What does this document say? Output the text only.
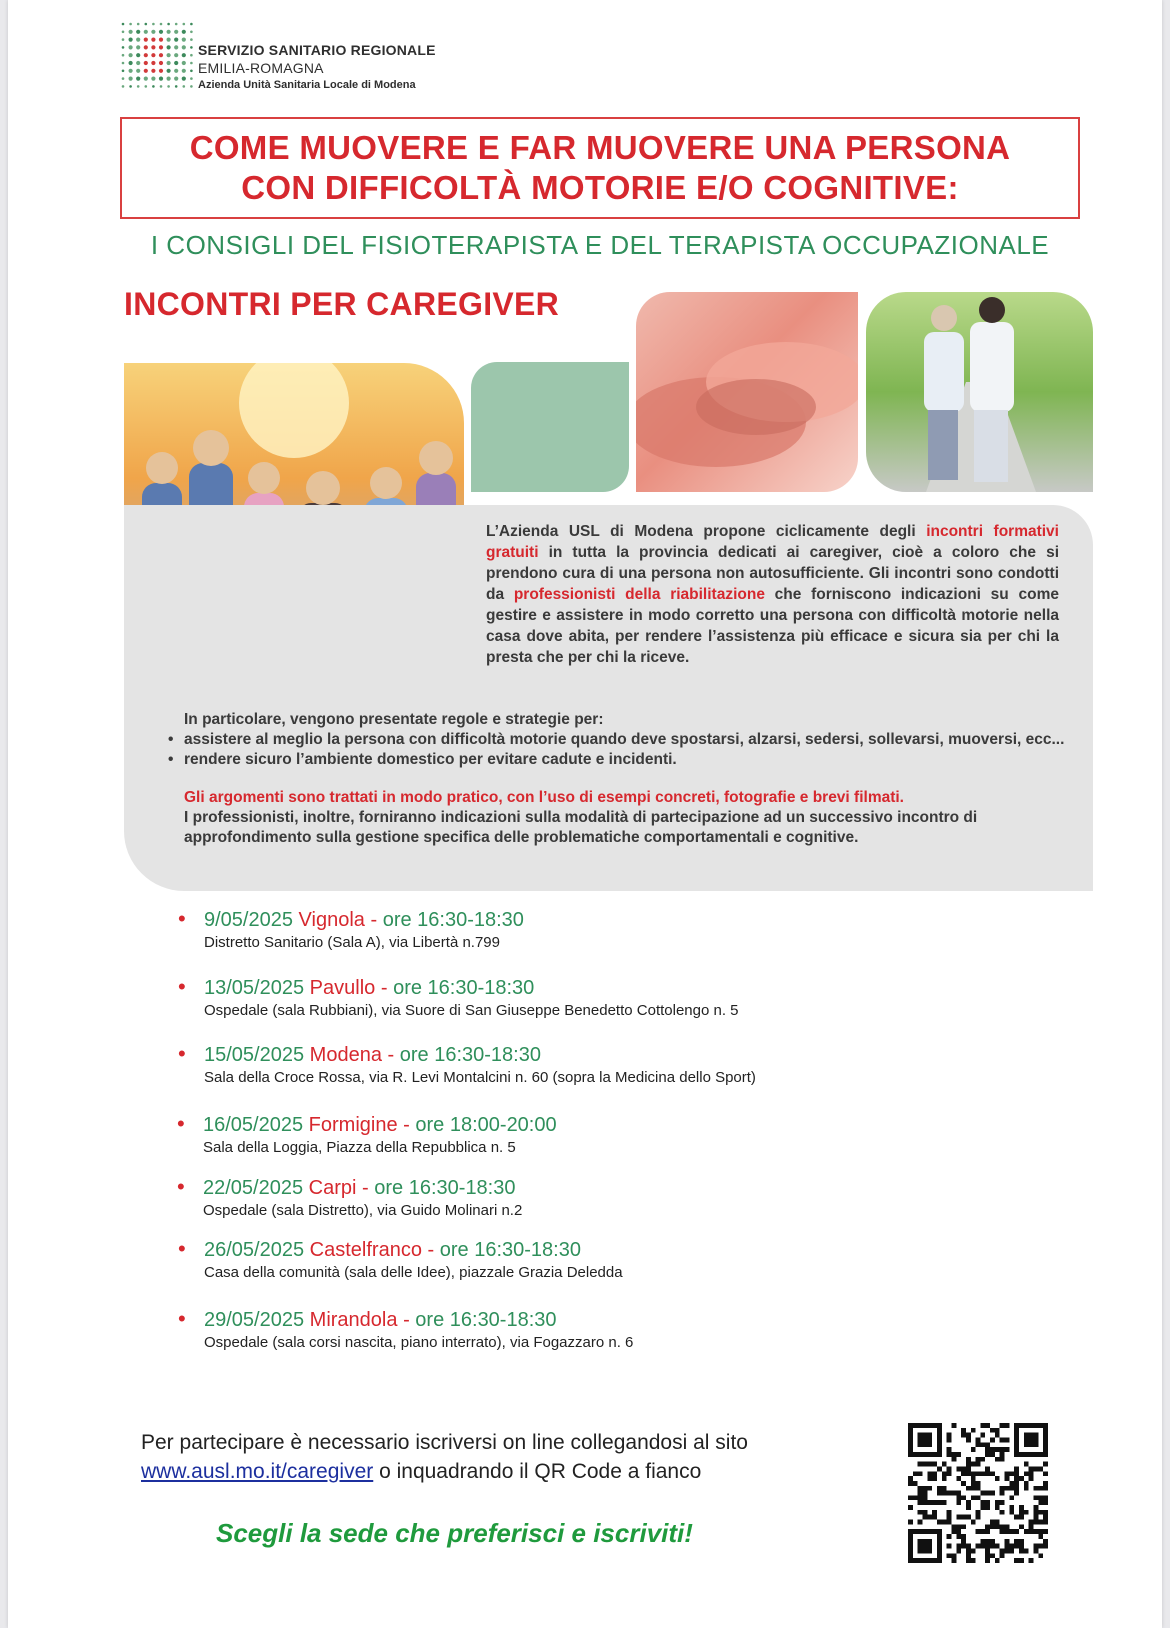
SERVIZIO SANITARIO REGIONALE
EMILIA-ROMAGNA
Azienda Unità Sanitaria Locale di Modena
COME MUOVERE E FAR MUOVERE UNA PERSONA
CON DIFFICOLTÀ MOTORIE E/O COGNITIVE:
I CONSIGLI DEL FISIOTERAPISTA E DEL TERAPISTA OCCUPAZIONALE
INCONTRI PER CAREGIVER
L’Azienda USL di Modena propone ciclicamente degli incontri formativi gratuiti in tutta la provincia dedicati ai caregiver, cioè a coloro che si prendono cura di una persona non autosufficiente. Gli incontri sono condotti da professionisti della riabilitazione che forniscono indicazioni su come gestire e assistere in modo corretto una persona con difficoltà motorie nella casa dove abita, per rendere l’assistenza più efficace e sicura sia per chi la presta che per chi la riceve.
In particolare, vengono presentate regole e strategie per:
• assistere al meglio la persona con difficoltà motorie quando deve spostarsi, alzarsi, sedersi, sollevarsi, muoversi, ecc...
• rendere sicuro l’ambiente domestico per evitare cadute e incidenti.
Gli argomenti sono trattati in modo pratico, con l’uso di esempi concreti, fotografie e brevi filmati.
I professionisti, inoltre, forniranno indicazioni sulla modalità di partecipazione ad un successivo incontro di approfondimento sulla gestione specifica delle problematiche comportamentali e cognitive.
• 9/05/2025 Vignola - ore 16:30-18:30
Distretto Sanitario (Sala A), via Libertà n.799
• 13/05/2025 Pavullo - ore 16:30-18:30
Ospedale (sala Rubbiani), via Suore di San Giuseppe Benedetto Cottolengo n. 5
• 15/05/2025 Modena - ore 16:30-18:30
Sala della Croce Rossa, via R. Levi Montalcini n. 60 (sopra la Medicina dello Sport)
• 16/05/2025 Formigine - ore 18:00-20:00
Sala della Loggia, Piazza della Repubblica n. 5
• 22/05/2025 Carpi - ore 16:30-18:30
Ospedale (sala Distretto), via Guido Molinari n.2
• 26/05/2025 Castelfranco - ore 16:30-18:30
Casa della comunità (sala delle Idee), piazzale Grazia Deledda
• 29/05/2025 Mirandola - ore 16:30-18:30
Ospedale (sala corsi nascita, piano interrato), via Fogazzaro n. 6
Per partecipare è necessario iscriversi on line collegandosi al sito
www.ausl.mo.it/caregiver o inquadrando il QR Code a fianco
Scegli la sede che preferisci e iscriviti!
